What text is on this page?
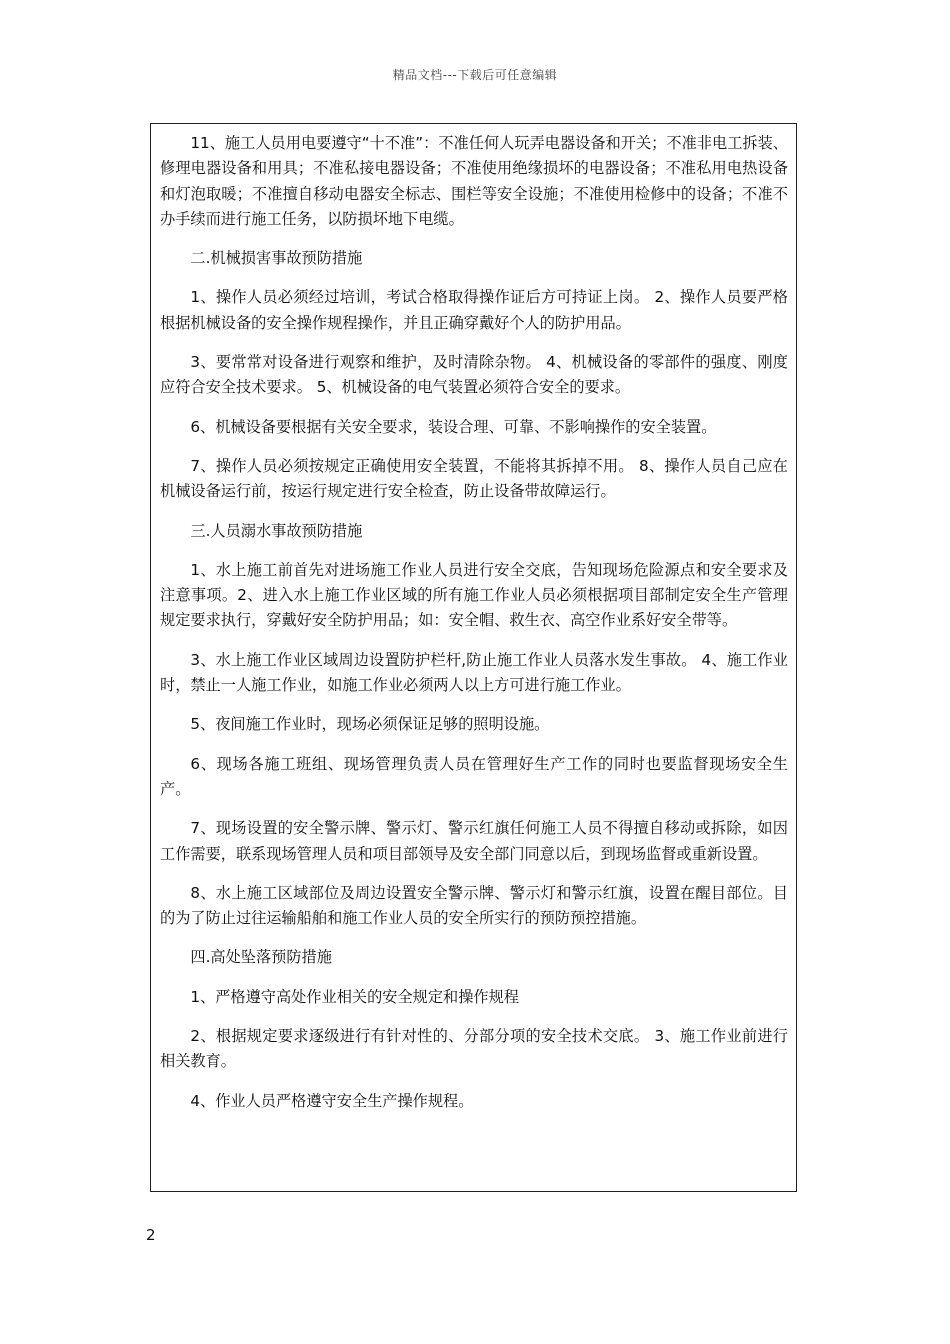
精品文档---下载后可任意编辑

11、施工人员用电要遵守“十不准”：不准任何人玩弄电器设备和开关；不准非电工拆装、修理电器设备和用具；不准私接电器设备；不准使用绝缘损坏的电器设备；不准私用电热设备和灯泡取暖；不准擅自移动电器安全标志、围栏等安全设施；不准使用检修中的设备；不准不办手续而进行施工任务，以防损坏地下电缆。

二.机械损害事故预防措施

1、操作人员必须经过培训，考试合格取得操作证后方可持证上岗。 2、操作人员要严格根据机械设备的安全操作规程操作，并且正确穿戴好个人的防护用品。

3、要常常对设备进行观察和维护，及时清除杂物。 4、机械设备的零部件的强度、刚度应符合安全技术要求。 5、机械设备的电气装置必须符合安全的要求。

6、机械设备要根据有关安全要求，装设合理、可靠、不影响操作的安全装置。

7、操作人员必须按规定正确使用安全装置，不能将其拆掉不用。 8、操作人员自己应在机械设备运行前，按运行规定进行安全检查，防止设备带故障运行。

三.人员溺水事故预防措施

1、水上施工前首先对进场施工作业人员进行安全交底，告知现场危险源点和安全要求及注意事项。2、进入水上施工作业区域的所有施工作业人员必须根据项目部制定安全生产管理规定要求执行，穿戴好安全防护用品；如：安全帽、救生衣、高空作业系好安全带等。

3、水上施工作业区域周边设置防护栏杆,防止施工作业人员落水发生事故。 4、施工作业时，禁止一人施工作业，如施工作业必须两人以上方可进行施工作业。

5、夜间施工作业时，现场必须保证足够的照明设施。

6、现场各施工班组、现场管理负责人员在管理好生产工作的同时也要监督现场安全生产。

7、现场设置的安全警示牌、警示灯、警示红旗任何施工人员不得擅自移动或拆除，如因工作需要，联系现场管理人员和项目部领导及安全部门同意以后，到现场监督或重新设置。

8、水上施工区域部位及周边设置安全警示牌、警示灯和警示红旗，设置在醒目部位。目的为了防止过往运输船舶和施工作业人员的安全所实行的预防预控措施。

四.高处坠落预防措施

1、严格遵守高处作业相关的安全规定和操作规程

2、根据规定要求逐级进行有针对性的、分部分项的安全技术交底。 3、施工作业前进行相关教育。

4、作业人员严格遵守安全生产操作规程。

2
